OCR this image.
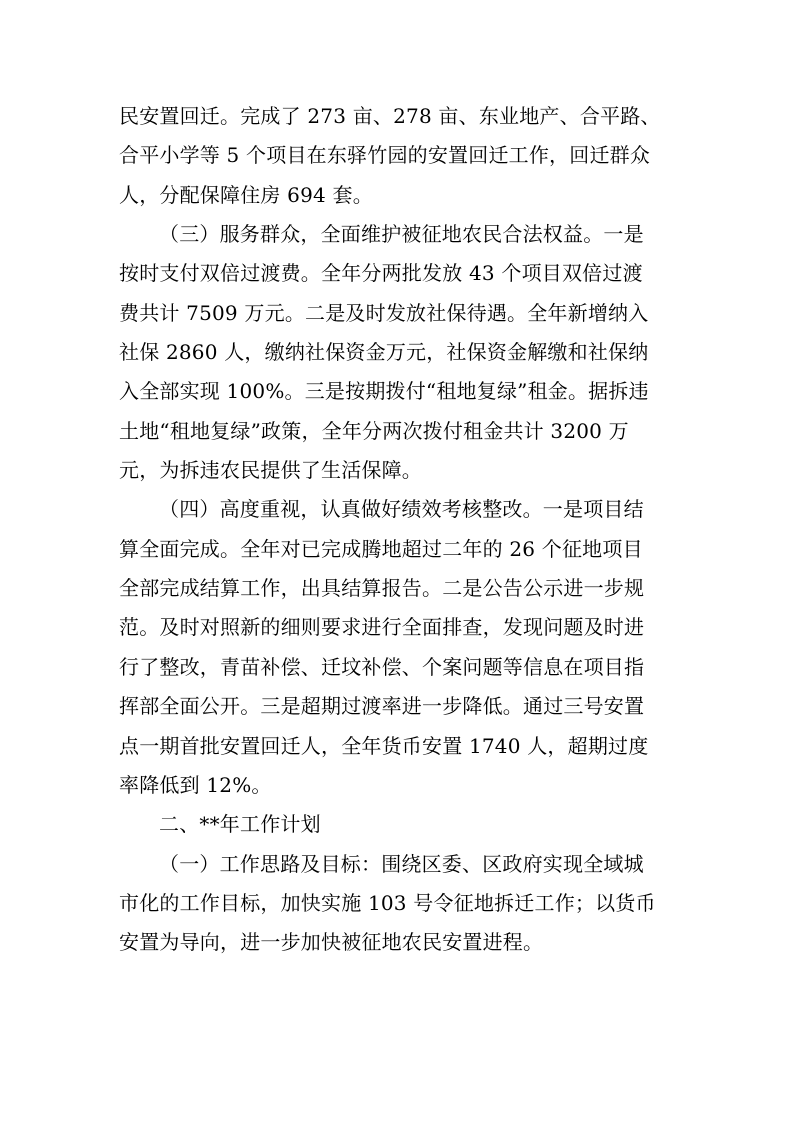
民安置回迁。完成了 273 亩、278 亩、东业地产、合平路、
合平小学等 5 个项目在东驿竹园的安置回迁工作，回迁群众
人，分配保障住房 694 套。
（三）服务群众，全面维护被征地农民合法权益。一是
按时支付双倍过渡费。全年分两批发放 43 个项目双倍过渡
费共计 7509 万元。二是及时发放社保待遇。全年新增纳入
社保 2860 人，缴纳社保资金万元，社保资金解缴和社保纳
入全部实现 100%。三是按期拨付“租地复绿”租金。据拆违
土地“租地复绿”政策，全年分两次拨付租金共计 3200 万
元，为拆违农民提供了生活保障。
（四）高度重视，认真做好绩效考核整改。一是项目结
算全面完成。全年对已完成腾地超过二年的 26 个征地项目
全部完成结算工作，出具结算报告。二是公告公示进一步规
范。及时对照新的细则要求进行全面排查，发现问题及时进
行了整改，青苗补偿、迁坟补偿、个案问题等信息在项目指
挥部全面公开。三是超期过渡率进一步降低。通过三号安置
点一期首批安置回迁人，全年货币安置 1740 人，超期过度
率降低到 12%。
二、**年工作计划
（一）工作思路及目标：围绕区委、区政府实现全域城
市化的工作目标，加快实施 103 号令征地拆迁工作；以货币
安置为导向，进一步加快被征地农民安置进程。
